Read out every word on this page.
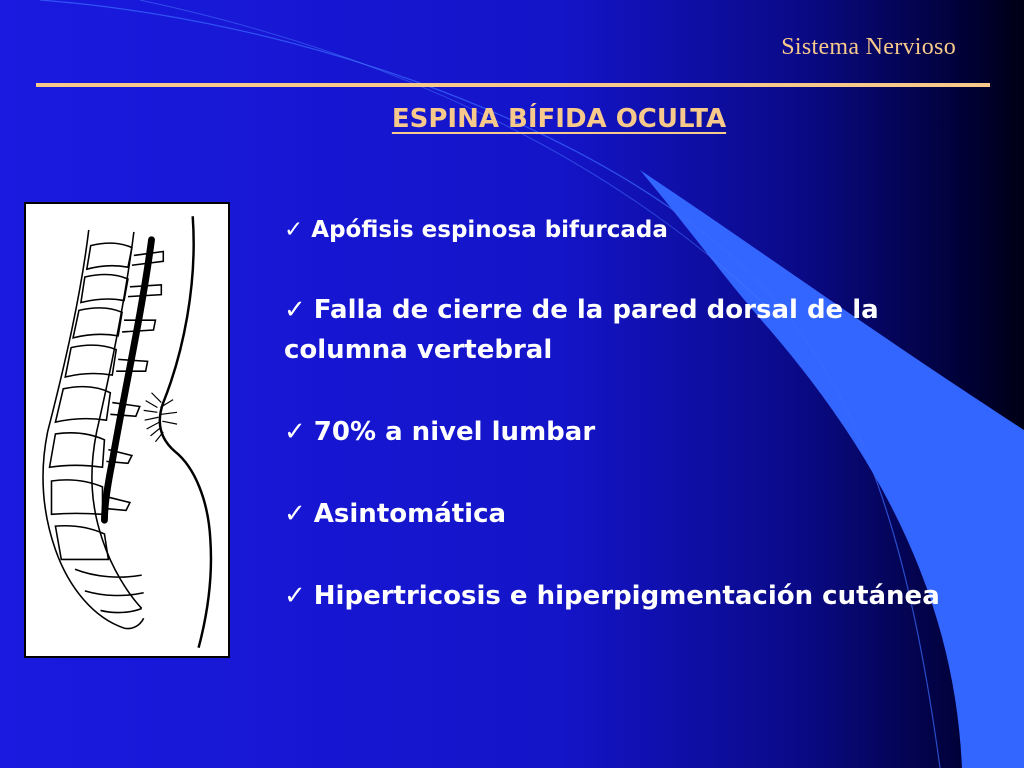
Sistema Nervioso
ESPINA BÍFIDA OCULTA
✓ Apófisis espinosa bifurcada
✓ Falla de cierre de la pared dorsal de la columna vertebral
✓ 70% a nivel lumbar
✓ Asintomática
✓ Hipertricosis e hiperpigmentación cutánea
